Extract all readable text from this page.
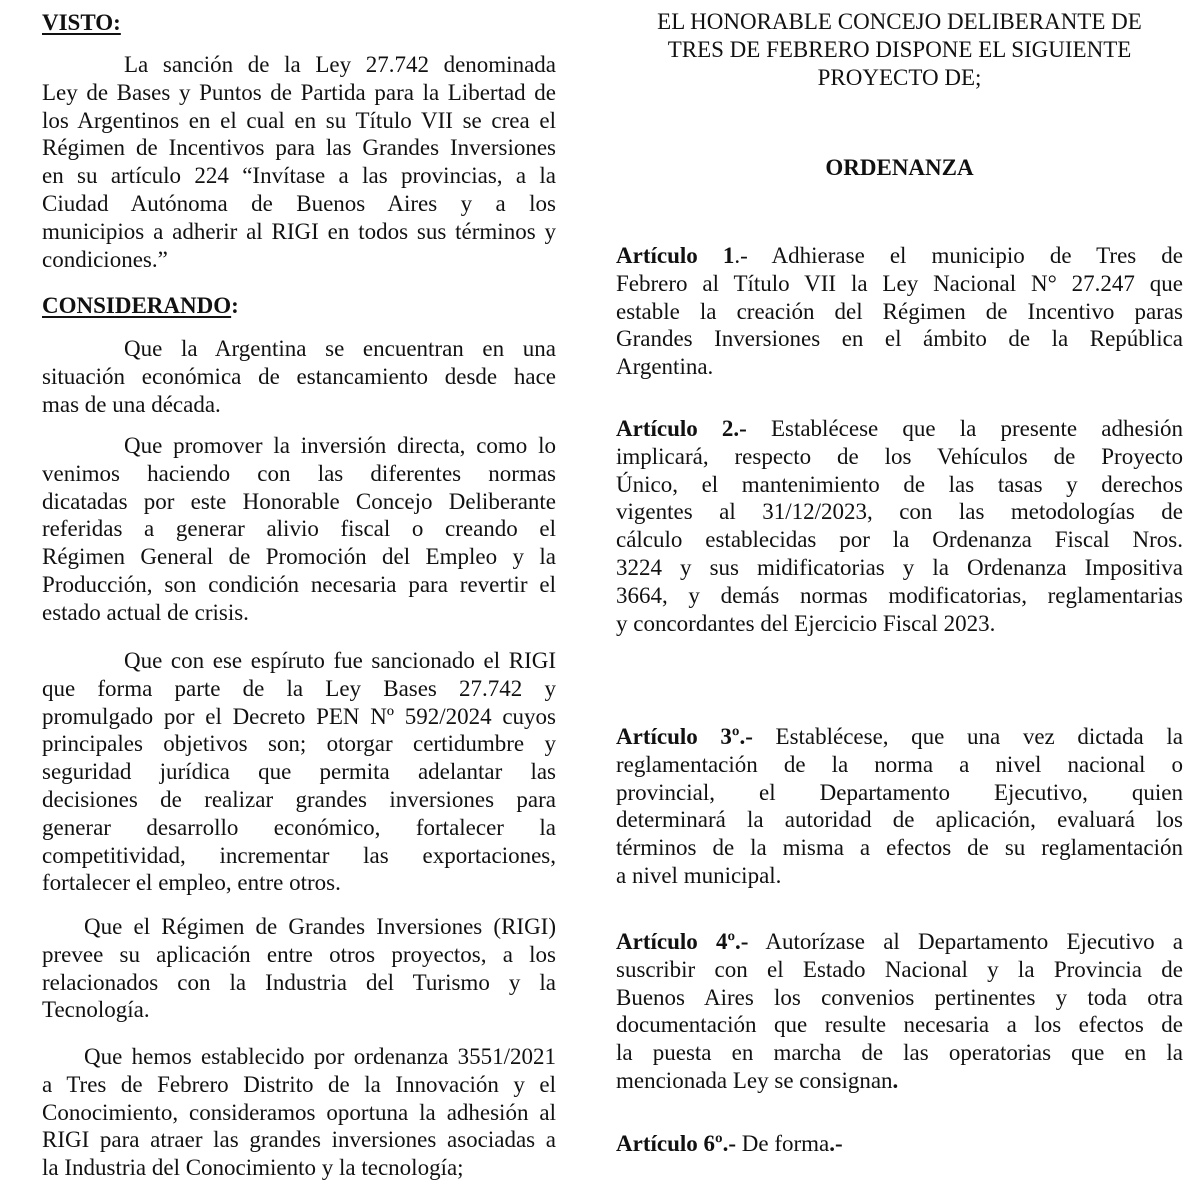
VISTO:
La sanción de la Ley 27.742 denominada
Ley de Bases y Puntos de Partida para la Libertad de
los Argentinos en el cual en su Título VII se crea el
Régimen de Incentivos para las Grandes Inversiones
en su artículo 224 “Invítase a las provincias, a la
Ciudad Autónoma de Buenos Aires y a los
municipios a adherir al RIGI en todos sus términos y
condiciones.”
CONSIDERANDO:
Que la Argentina se encuentran en una
situación económica de estancamiento desde hace
mas de una década.
Que promover la inversión directa, como lo
venimos haciendo con las diferentes normas
dicatadas por este Honorable Concejo Deliberante
referidas a generar alivio fiscal o creando el
Régimen General de Promoción del Empleo y la
Producción, son condición necesaria para revertir el
estado actual de crisis.
Que con ese espíruto fue sancionado el RIGI
que forma parte de la Ley Bases 27.742 y
promulgado por el Decreto PEN Nº 592/2024 cuyos
principales objetivos son; otorgar certidumbre y
seguridad jurídica que permita adelantar las
decisiones de realizar grandes inversiones para
generar desarrollo económico, fortalecer la
competitividad, incrementar las exportaciones,
fortalecer el empleo, entre otros.
Que el Régimen de Grandes Inversiones (RIGI)
prevee su aplicación entre otros proyectos, a los
relacionados con la Industria del Turismo y la
Tecnología.
Que hemos establecido por ordenanza 3551/2021
a Tres de Febrero Distrito de la Innovación y el
Conocimiento, consideramos oportuna la adhesión al
RIGI para atraer las grandes inversiones asociadas a
la Industria del Conocimiento y la tecnología;
EL HONORABLE CONCEJO DELIBERANTE DE
TRES DE FEBRERO DISPONE EL SIGUIENTE
PROYECTO DE;
ORDENANZA
Artículo 1.- Adhierase el municipio de Tres de
Febrero al Título VII la Ley Nacional N° 27.247 que
estable la creación del Régimen de Incentivo paras
Grandes Inversiones en el ámbito de la República
Argentina.
Artículo 2.- Establécese que la presente adhesión
implicará, respecto de los Vehículos de Proyecto
Único, el mantenimiento de las tasas y derechos
vigentes al 31/12/2023, con las metodologías de
cálculo establecidas por la Ordenanza Fiscal Nros.
3224 y sus midificatorias y la Ordenanza Impositiva
3664, y demás normas modificatorias, reglamentarias
y concordantes del Ejercicio Fiscal 2023.
Artículo 3º.- Establécese, que una vez dictada la
reglamentación de la norma a nivel nacional o
provincial, el Departamento Ejecutivo, quien
determinará la autoridad de aplicación, evaluará los
términos de la misma a efectos de su reglamentación
a nivel municipal.
Artículo 4º.- Autorízase al Departamento Ejecutivo a
suscribir con el Estado Nacional y la Provincia de
Buenos Aires los convenios pertinentes y toda otra
documentación que resulte necesaria a los efectos de
la puesta en marcha de las operatorias que en la
mencionada Ley se consignan.
Artículo 6º.- De forma.-
